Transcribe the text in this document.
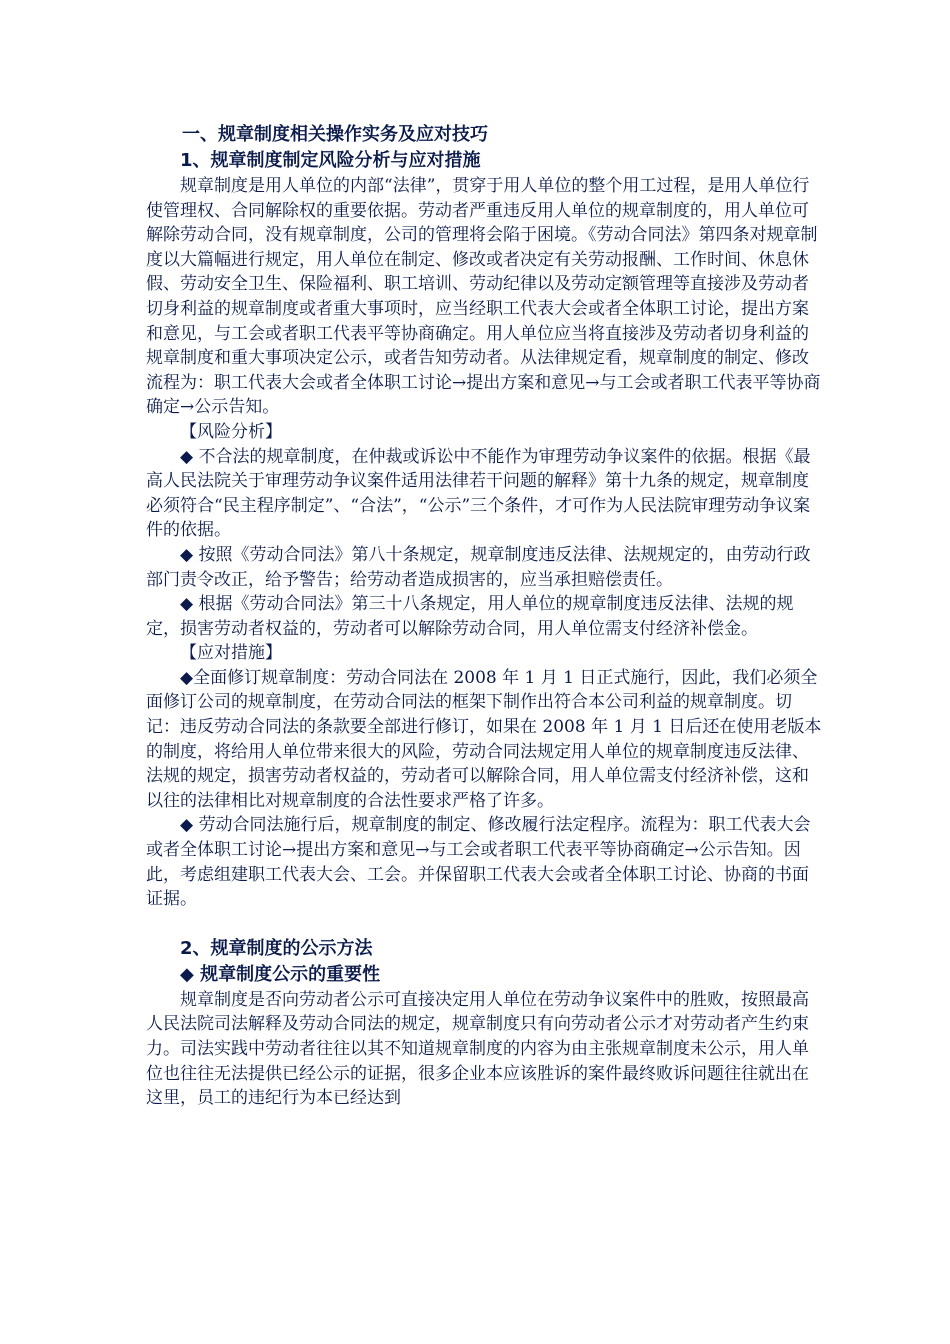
一、规章制度相关操作实务及应对技巧
1、规章制度制定风险分析与应对措施
规章制度是用人单位的内部“法律”，贯穿于用人单位的整个用工过程，是用人单位行使管理权、合同解除权的重要依据。劳动者严重违反用人单位的规章制度的，用人单位可解除劳动合同，没有规章制度，公司的管理将会陷于困境。《劳动合同法》第四条对规章制度以大篇幅进行规定，用人单位在制定、修改或者决定有关劳动报酬、工作时间、休息休假、劳动安全卫生、保险福利、职工培训、劳动纪律以及劳动定额管理等直接涉及劳动者切身利益的规章制度或者重大事项时，应当经职工代表大会或者全体职工讨论，提出方案和意见，与工会或者职工代表平等协商确定。用人单位应当将直接涉及劳动者切身利益的规章制度和重大事项决定公示，或者告知劳动者。从法律规定看，规章制度的制定、修改流程为：职工代表大会或者全体职工讨论→提出方案和意见→与工会或者职工代表平等协商确定→公示告知。
【风险分析】
◆ 不合法的规章制度，在仲裁或诉讼中不能作为审理劳动争议案件的依据。根据《最高人民法院关于审理劳动争议案件适用法律若干问题的解释》第十九条的规定，规章制度必须符合“民主程序制定”、“合法”，“公示”三个条件，才可作为人民法院审理劳动争议案件的依据。
◆ 按照《劳动合同法》第八十条规定，规章制度违反法律、法规规定的，由劳动行政部门责令改正，给予警告；给劳动者造成损害的，应当承担赔偿责任。
◆ 根据《劳动合同法》第三十八条规定，用人单位的规章制度违反法律、法规的规定，损害劳动者权益的，劳动者可以解除劳动合同，用人单位需支付经济补偿金。
【应对措施】
◆全面修订规章制度：劳动合同法在 2008 年 1 月 1 日正式施行，因此，我们必须全面修订公司的规章制度，在劳动合同法的框架下制作出符合本公司利益的规章制度。切记：违反劳动合同法的条款要全部进行修订，如果在 2008 年 1 月 1 日后还在使用老版本的制度，将给用人单位带来很大的风险，劳动合同法规定用人单位的规章制度违反法律、法规的规定，损害劳动者权益的，劳动者可以解除合同，用人单位需支付经济补偿，这和以往的法律相比对规章制度的合法性要求严格了许多。
◆ 劳动合同法施行后，规章制度的制定、修改履行法定程序。流程为：职工代表大会或者全体职工讨论→提出方案和意见→与工会或者职工代表平等协商确定→公示告知。因此，考虑组建职工代表大会、工会。并保留职工代表大会或者全体职工讨论、协商的书面证据。
2、规章制度的公示方法
◆ 规章制度公示的重要性
规章制度是否向劳动者公示可直接决定用人单位在劳动争议案件中的胜败，按照最高人民法院司法解释及劳动合同法的规定，规章制度只有向劳动者公示才对劳动者产生约束力。司法实践中劳动者往往以其不知道规章制度的内容为由主张规章制度未公示，用人单位也往往无法提供已经公示的证据，很多企业本应该胜诉的案件最终败诉问题往往就出在这里，员工的违纪行为本已经达到
